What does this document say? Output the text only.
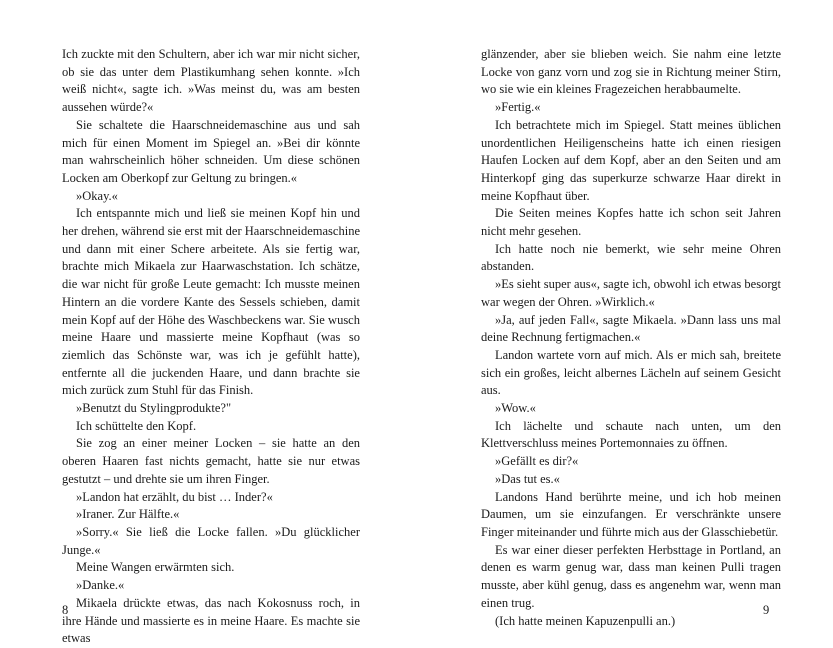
Ich zuckte mit den Schultern, aber ich war mir nicht sicher, ob sie das unter dem Plastikumhang sehen konnte. »Ich weiß nicht«, sagte ich. »Was meinst du, was am besten aussehen würde?«

Sie schaltete die Haarschneidemaschine aus und sah mich für einen Moment im Spiegel an. »Bei dir könnte man wahrscheinlich höher schneiden. Um diese schönen Locken am Oberkopf zur Geltung zu bringen.«

»Okay.«

Ich entspannte mich und ließ sie meinen Kopf hin und her drehen, während sie erst mit der Haarschneidemaschine und dann mit einer Schere arbeitete. Als sie fertig war, brachte mich Mikaela zur Haarwaschstation. Ich schätze, die war nicht für große Leute gemacht: Ich musste meinen Hintern an die vordere Kante des Sessels schieben, damit mein Kopf auf der Höhe des Waschbeckens war. Sie wusch meine Haare und massierte meine Kopfhaut (was so ziemlich das Schönste war, was ich je gefühlt hatte), entfernte all die juckenden Haare, und dann brachte sie mich zurück zum Stuhl für das Finish.

»Benutzt du Stylingprodukte?"

Ich schüttelte den Kopf.

Sie zog an einer meiner Locken – sie hatte an den oberen Haaren fast nichts gemacht, hatte sie nur etwas gestutzt – und drehte sie um ihren Finger.

»Landon hat erzählt, du bist … Inder?«

»Iraner. Zur Hälfte.«

»Sorry.« Sie ließ die Locke fallen. »Du glücklicher Junge.«

Meine Wangen erwärmten sich.

»Danke.«

Mikaela drückte etwas, das nach Kokosnuss roch, in ihre Hände und massierte es in meine Haare. Es machte sie etwas

8

glänzender, aber sie blieben weich. Sie nahm eine letzte Locke von ganz vorn und zog sie in Richtung meiner Stirn, wo sie wie ein kleines Fragezeichen herabbaumelte.

»Fertig.«

Ich betrachtete mich im Spiegel. Statt meines üblichen unordentlichen Heiligenscheins hatte ich einen riesigen Haufen Locken auf dem Kopf, aber an den Seiten und am Hinterkopf ging das superkurze schwarze Haar direkt in meine Kopfhaut über.

Die Seiten meines Kopfes hatte ich schon seit Jahren nicht mehr gesehen.

Ich hatte noch nie bemerkt, wie sehr meine Ohren abstanden.

»Es sieht super aus«, sagte ich, obwohl ich etwas besorgt war wegen der Ohren. »Wirklich.«

»Ja, auf jeden Fall«, sagte Mikaela. »Dann lass uns mal deine Rechnung fertigmachen.«

Landon wartete vorn auf mich. Als er mich sah, breitete sich ein großes, leicht albernes Lächeln auf seinem Gesicht aus.

»Wow.«

Ich lächelte und schaute nach unten, um den Klettverschluss meines Portemonnaies zu öffnen.

»Gefällt es dir?«

»Das tut es.«

Landons Hand berührte meine, und ich hob meinen Daumen, um sie einzufangen. Er verschränkte unsere Finger miteinander und führte mich aus der Glasschiebetür.

Es war einer dieser perfekten Herbsttage in Portland, an denen es warm genug war, dass man keinen Pulli tragen musste, aber kühl genug, dass es angenehm war, wenn man einen trug.

(Ich hatte meinen Kapuzenpulli an.)

9
